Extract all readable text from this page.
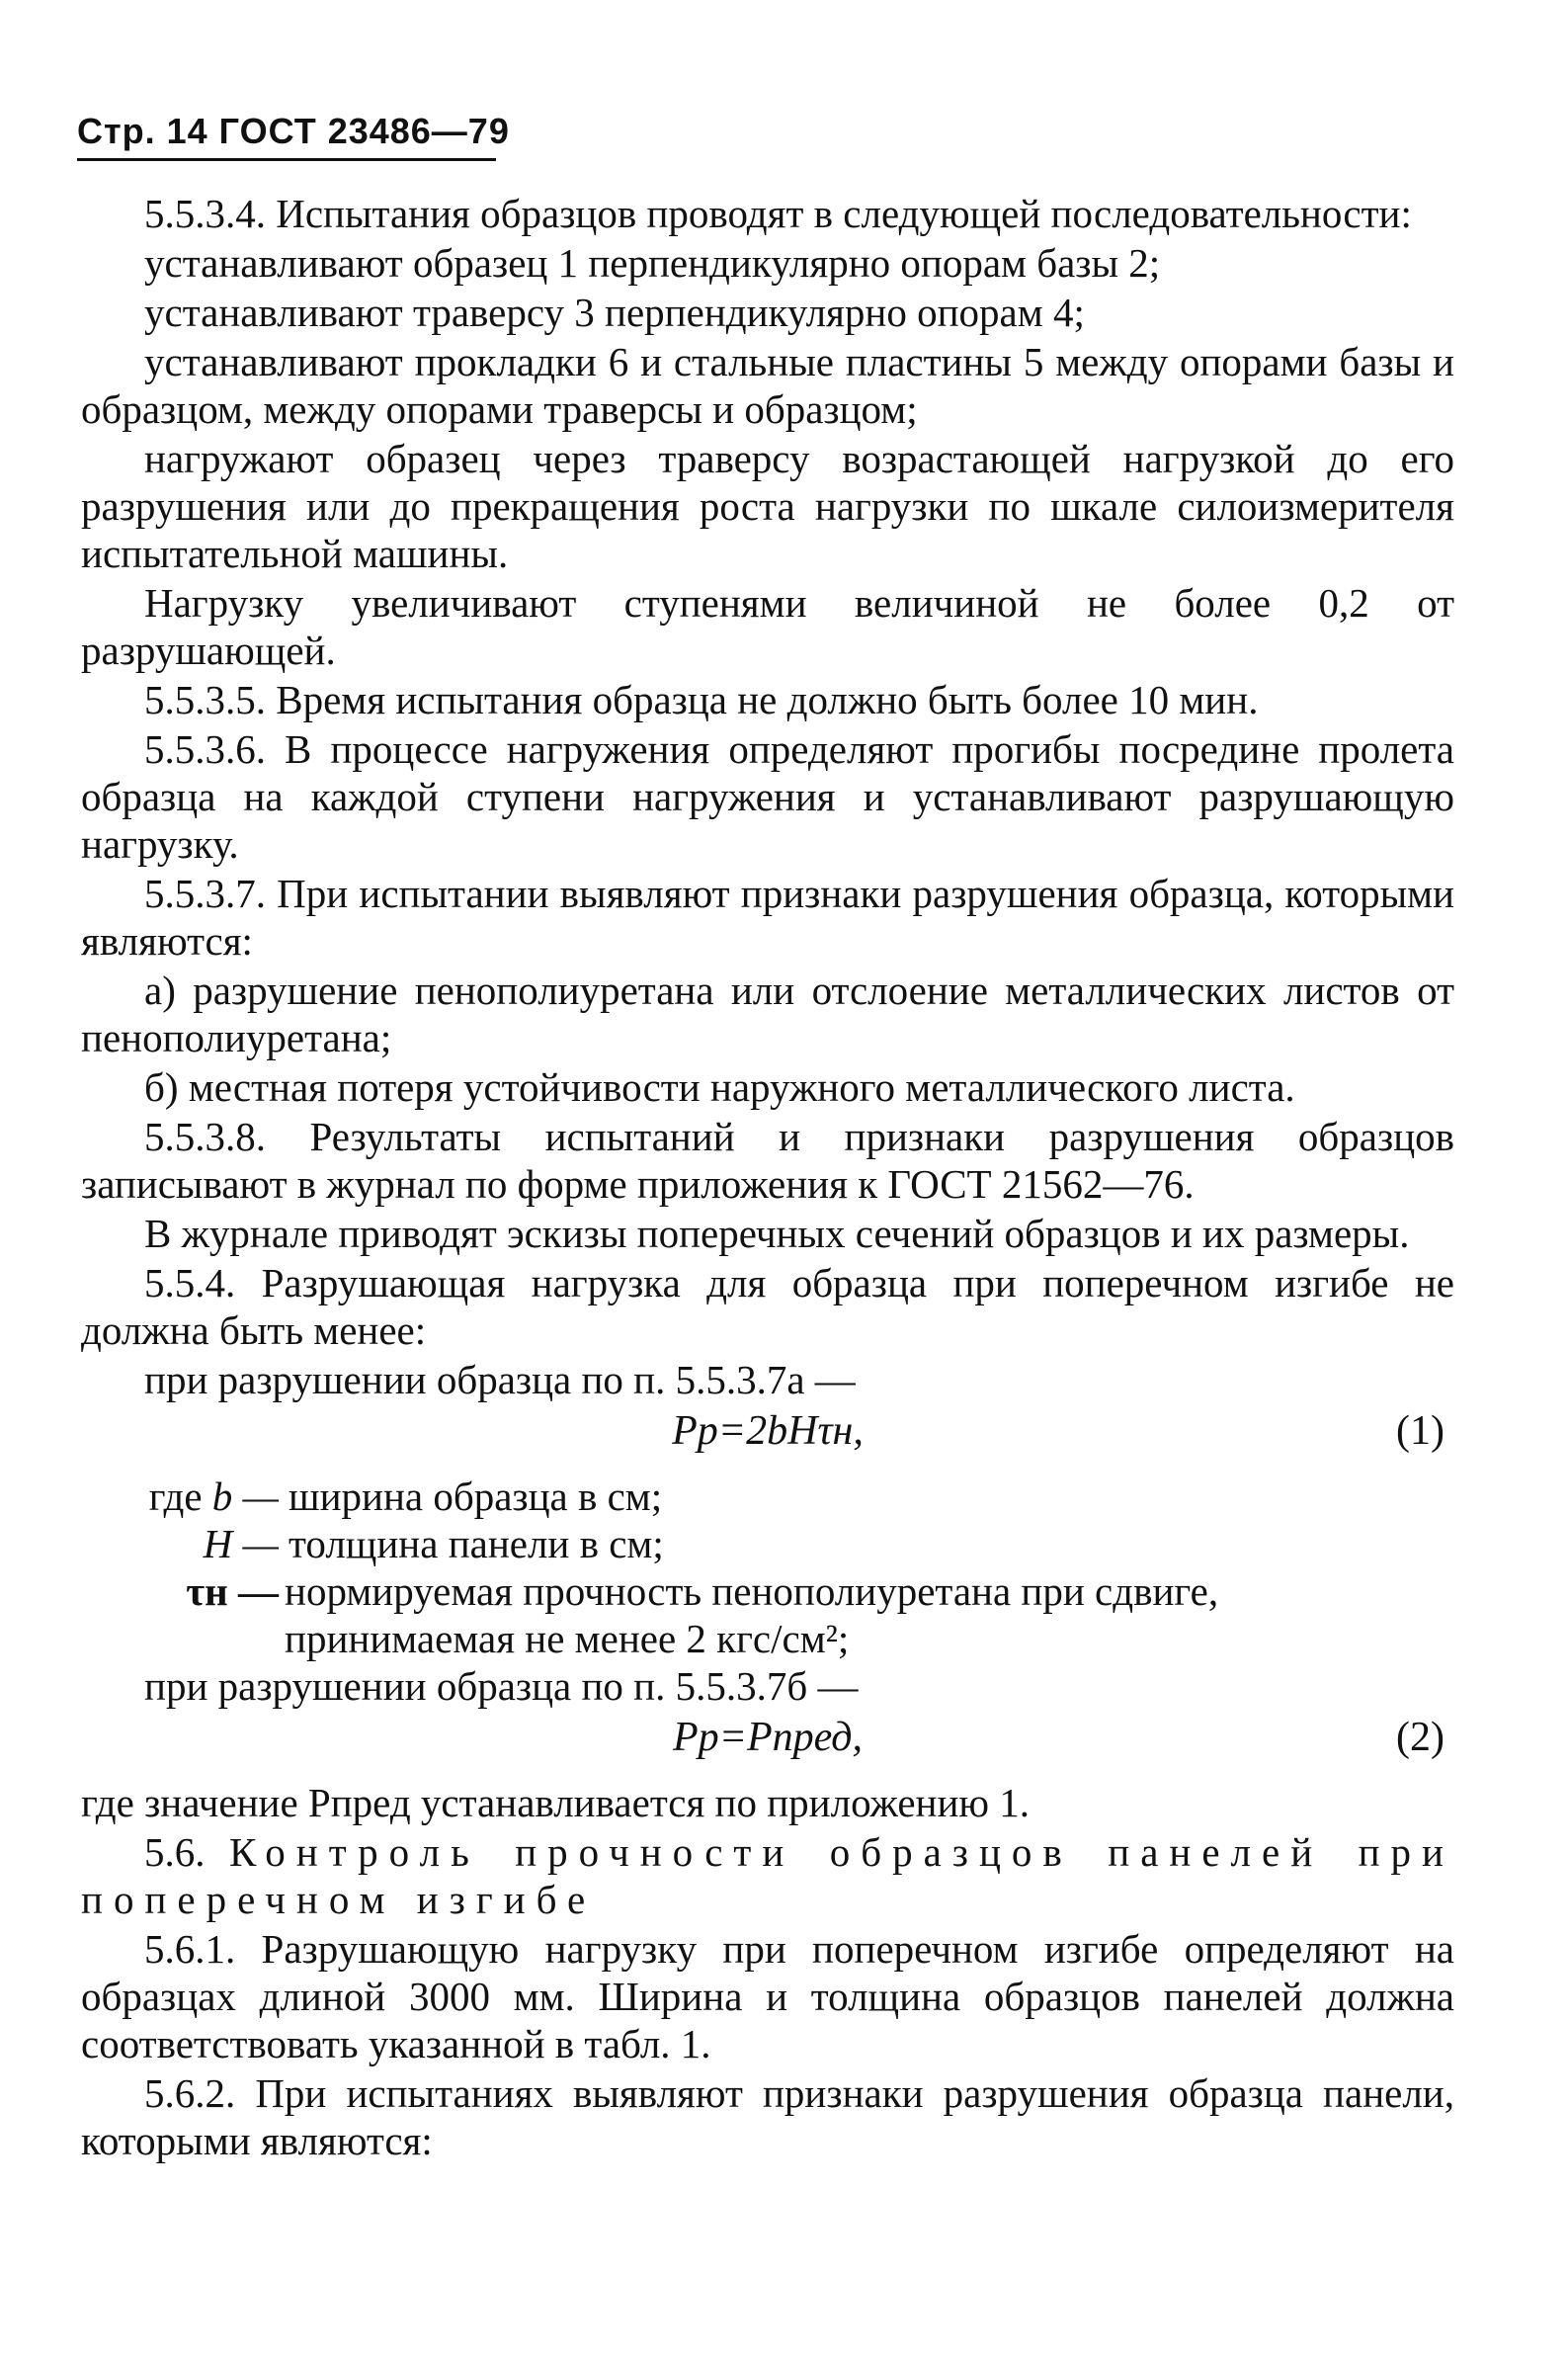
Стр. 14 ГОСТ 23486—79

5.5.3.4. Испытания образцов проводят в следующей последовательности:

устанавливают образец 1 перпендикулярно опорам базы 2;

устанавливают траверсу 3 перпендикулярно опорам 4;

устанавливают прокладки 6 и стальные пластины 5 между опорами базы и образцом, между опорами траверсы и образцом;

нагружают образец через траверсу возрастающей нагрузкой до его разрушения или до прекращения роста нагрузки по шкале силоизмерителя испытательной машины.

Нагрузку увеличивают ступенями величиной не более 0,2 от разрушающей.

5.5.3.5. Время испытания образца не должно быть более 10 мин.

5.5.3.6. В процессе нагружения определяют прогибы посредине пролета образца на каждой ступени нагружения и устанавливают разрушающую нагрузку.

5.5.3.7. При испытании выявляют признаки разрушения образца, которыми являются:

а) разрушение пенополиуретана или отслоение металлических листов от пенополиуретана;

б) местная потеря устойчивости наружного металлического листа.

5.5.3.8. Результаты испытаний и признаки разрушения образцов записывают в журнал по форме приложения к ГОСТ 21562—76.

В журнале приводят эскизы поперечных сечений образцов и их размеры.

5.5.4. Разрушающая нагрузка для образца при поперечном изгибе не должна быть менее:

при разрушении образца по п. 5.5.3.7а —

Pр=2bHτн,	(1)
где b — ширина образца в см;
H — толщина панели в см;
τн — нормируемая прочность пенополиуретана при сдвиге,
принимаемая не менее 2 кгс/см²;

при разрушении образца по п. 5.5.3.7б —

Pр=Pпред,	(2)

где значение Pпред устанавливается по приложению 1.

5.6. Контроль прочности образцов панелей при поперечном изгибе

5.6.1. Разрушающую нагрузку при поперечном изгибе определяют на образцах длиной 3000 мм. Ширина и толщина образцов панелей должна соответствовать указанной в табл. 1.

5.6.2. При испытаниях выявляют признаки разрушения образца панели, которыми являются:
